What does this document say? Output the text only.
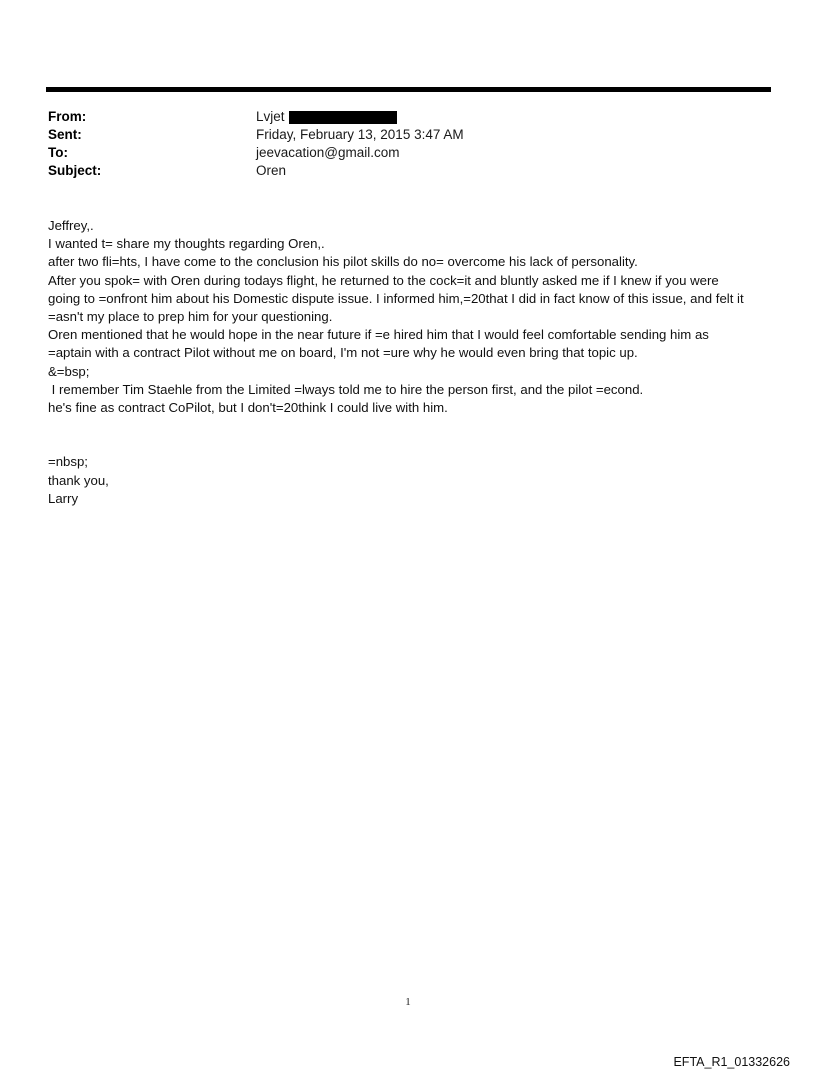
From:	Lvjet
Sent:	Friday, February 13, 2015 3:47 AM
To:	jeevacation@gmail.com
Subject:	Oren
Jeffrey,.
I wanted t= share my thoughts regarding Oren,.
after two fli=hts, I have come to the conclusion his pilot skills do no= overcome his lack of personality.
After you spok= with Oren during todays flight, he returned to the cock=it and bluntly asked me if I knew if you were
going to =onfront him about his Domestic dispute issue. I informed him,=20that I did in fact know of this issue, and felt it
=asn't my place to prep him for your questioning.
Oren mentioned that he would hope in the near future if =e hired him that I would feel comfortable sending him as
=aptain with a contract Pilot without me on board, I'm not =ure why he would even bring that topic up.
&=bsp;
I remember Tim Staehle from the Limited =lways told me to hire the person first, and the pilot =econd.
he's fine as contract CoPilot, but I don't=20think I could live with him.
=nbsp;
thank you,
Larry
1
EFTA_R1_01332626
